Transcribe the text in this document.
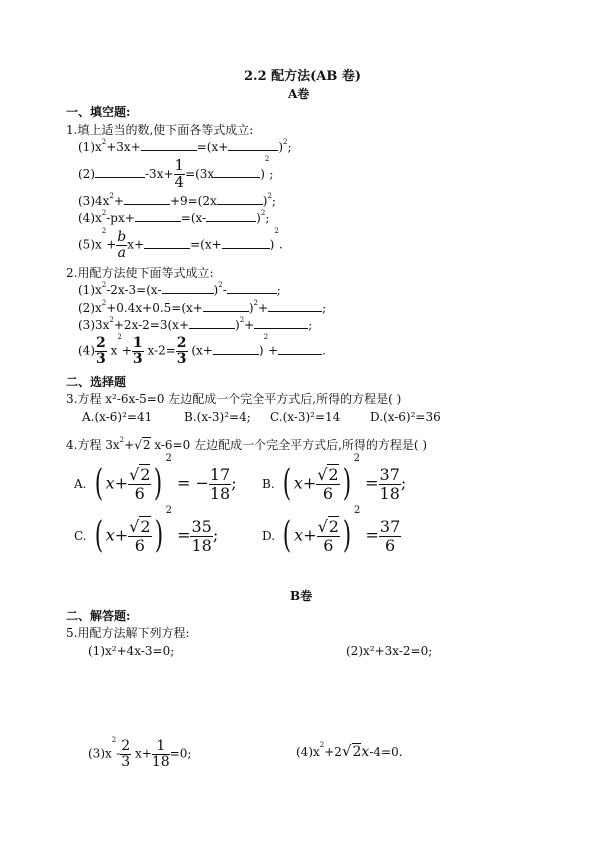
2.2 配方法(AB 卷)
A卷
一、填空题:
1.填上适当的数,使下面各等式成立:
$(1)x^2+3x+$	=(x+	)$^2$;
(2)	$-3x+ \frac{1}{4} =(3x$	)$^2$;
$(3)4x^2+$	+9=(2x	)$^2$;
$(4)x^2-px+$	=(x-	)$^2$;
$(5)x^2+ \frac{b}{a} x+$	=(x+	)$^2$.
2.用配方法使下面等式成立:
$(1)x^2-2x-3=(x-$	)$^2$-	;
$(2)x^2+0.4x+0.5=(x+$	)$^2$+	;
$(3)3x^2+2x-2=3(x+$	)$^2$+	;
$(4) \frac{2}{3} x^2+ \frac{1}{3} x-2= \frac{2}{3} (x+$	)$^2$+	.
二、选择题
3.方程 x²-6x-5=0 左边配成一个完全平方式后,所得的方程是( )
A.(x-6)²=41	B.(x-3)²=4; C.(x-3)²=14 D.(x-6)²=36
4.方程 $3x^2+√2$ x-6=0 左边配成一个完全平方式后,所得的方程是( )
A. ( $x+ \frac{√2}{6} )^2$ = − $\frac{17}{18}$ ; B. ( $x+ \frac{√2}{6} )^2 = \frac{37}{18}$ ;
C. ( $x+ \frac{√2}{6} )^2 = \frac{35}{18}$ ;	D. ( $x+ \frac{√2}{6} )^2 = \frac{37}{6}$
B卷
二、解答题:
5.用配方法解下列方程:
(1)x²+4x-3=0;	(2)x²+3x-2=0;
$(3)x^2- \frac{2}{3} x+ \frac{1}{18} =0$;	$(4)x^2+2√2x-4=0$.
